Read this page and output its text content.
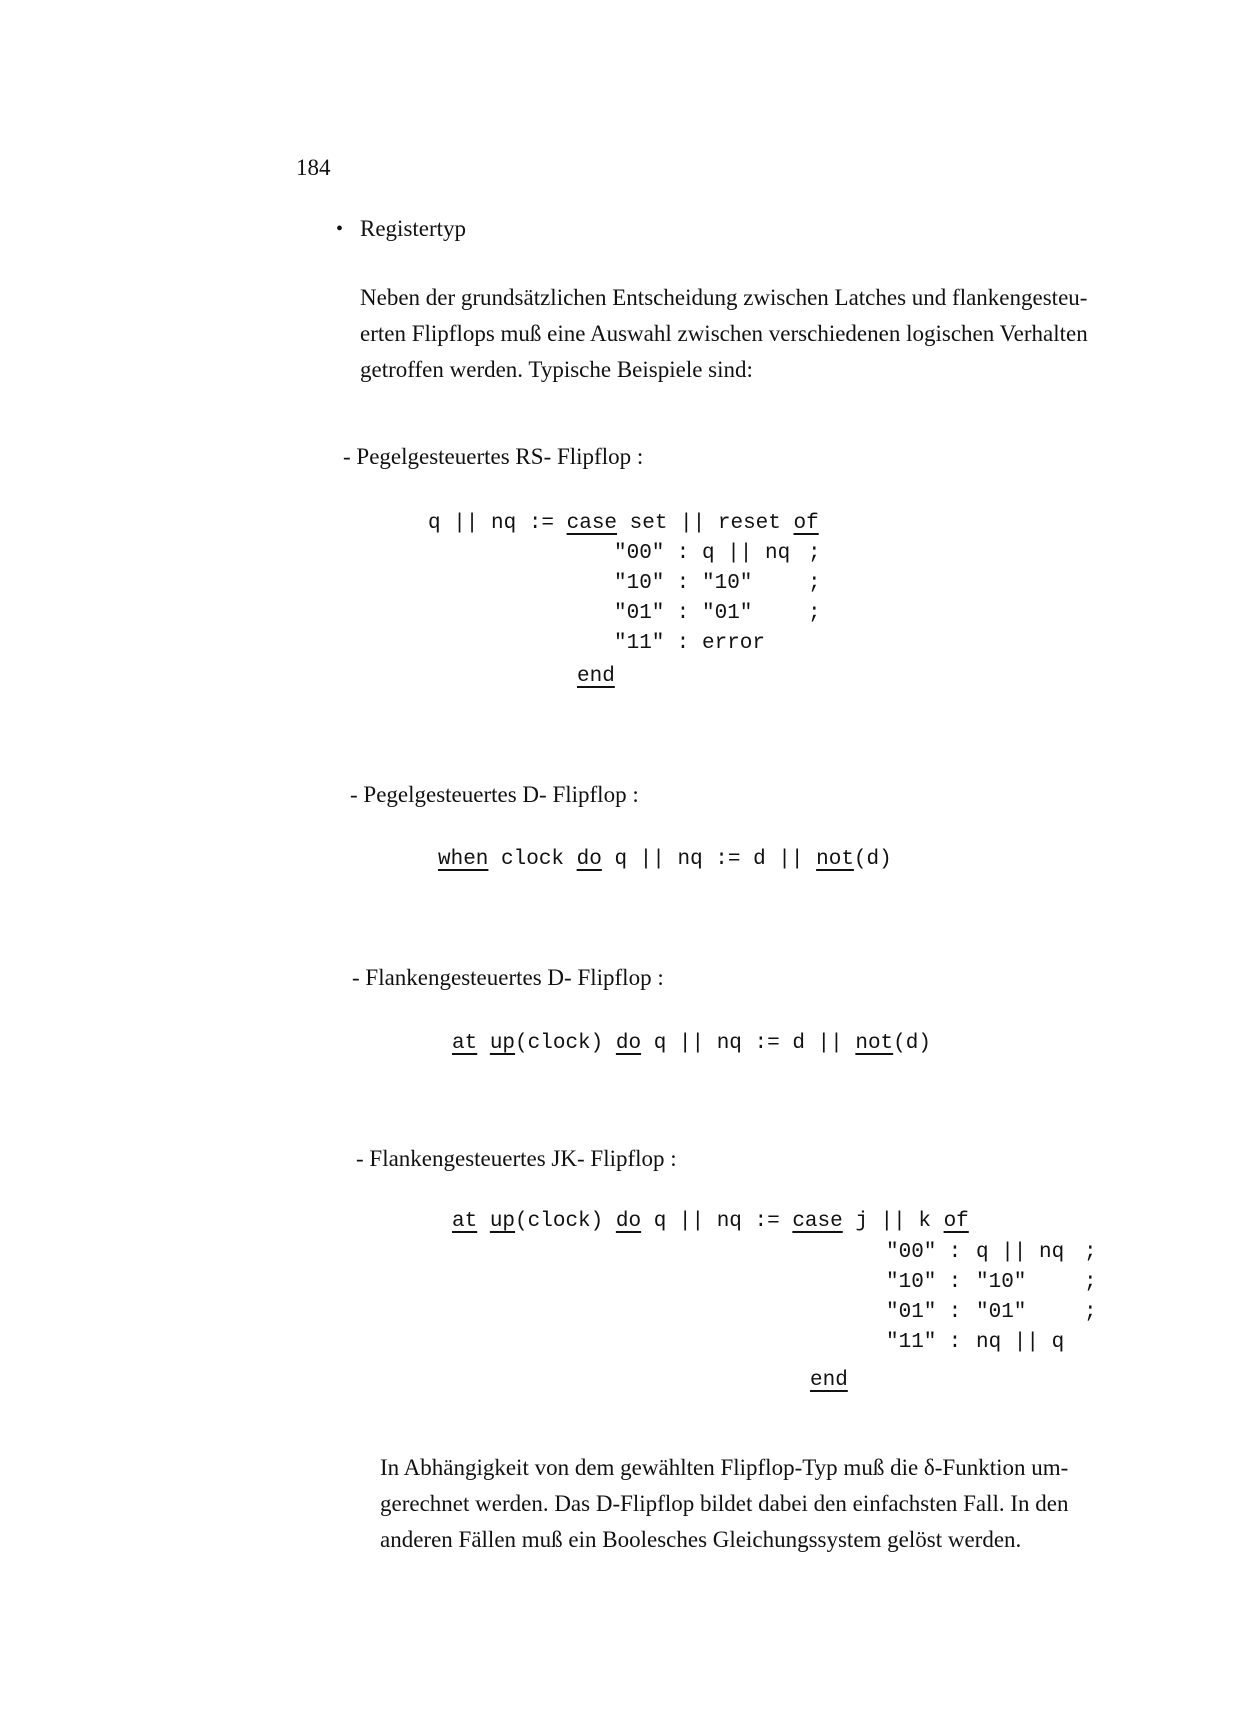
184
• Registertyp
Neben der grundsätzlichen Entscheidung zwischen Latches und flankengesteu-
erten Flipflops muß eine Auswahl zwischen verschiedenen logischen Verhalten
getroffen werden. Typische Beispiele sind:
- Pegelgesteuertes RS- Flipflop :
q || nq := case set || reset of
"00" : q || nq ;
"10" : "10"	;
"01" : "01"	;
"11" : error
end
- Pegelgesteuertes D- Flipflop :
when clock do q || nq := d || not(d)
- Flankengesteuertes D- Flipflop :
at up(clock) do q || nq := d || not(d)
- Flankengesteuertes JK- Flipflop :
at up(clock) do q || nq := case j || k of
"00" : q || nq ;
"10" : "10"	;
"01" : "01"	;
"11" : nq || q
end
In Abhängigkeit von dem gewählten Flipflop-Typ muß die δ-Funktion um-
gerechnet werden. Das D-Flipflop bildet dabei den einfachsten Fall. In den
anderen Fällen muß ein Boolesches Gleichungssystem gelöst werden.
